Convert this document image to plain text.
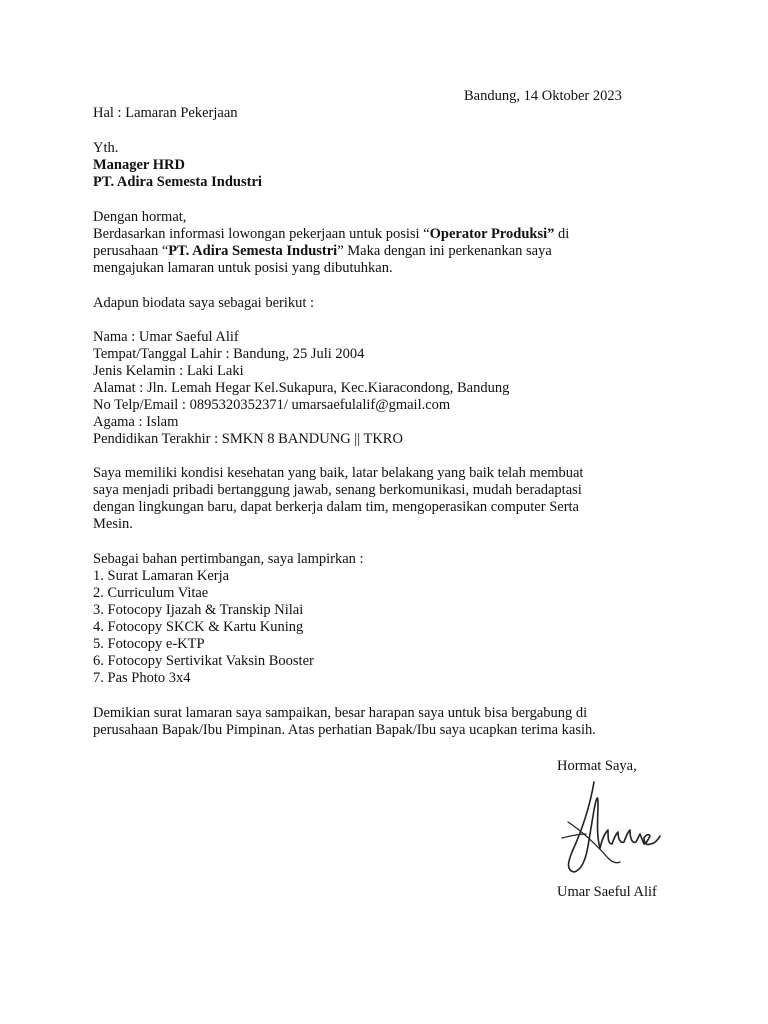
Bandung, 14 Oktober 2023
Hal : Lamaran Pekerjaan
Yth.
Manager HRD
PT. Adira Semesta Industri
Dengan hormat,
Berdasarkan informasi lowongan pekerjaan untuk posisi “Operator Produksi” di
perusahaan “PT. Adira Semesta Industri” Maka dengan ini perkenankan saya
mengajukan lamaran untuk posisi yang dibutuhkan.
Adapun biodata saya sebagai berikut :
Nama : Umar Saeful Alif
Tempat/Tanggal Lahir : Bandung, 25 Juli 2004
Jenis Kelamin : Laki Laki
Alamat : Jln. Lemah Hegar Kel.Sukapura, Kec.Kiaracondong, Bandung
No Telp/Email : 0895320352371/ umarsaefulalif@gmail.com
Agama : Islam
Pendidikan Terakhir : SMKN 8 BANDUNG || TKRO
Saya memiliki kondisi kesehatan yang baik, latar belakang yang baik telah membuat
saya menjadi pribadi bertanggung jawab, senang berkomunikasi, mudah beradaptasi
dengan lingkungan baru, dapat berkerja dalam tim, mengoperasikan computer Serta
Mesin.
Sebagai bahan pertimbangan, saya lampirkan :
1. Surat Lamaran Kerja
2. Curriculum Vitae
3. Fotocopy Ijazah & Transkip Nilai
4. Fotocopy SKCK & Kartu Kuning
5. Fotocopy e-KTP
6. Fotocopy Sertivikat Vaksin Booster
7. Pas Photo 3x4
Demikian surat lamaran saya sampaikan, besar harapan saya untuk bisa bergabung di
perusahaan Bapak/Ibu Pimpinan. Atas perhatian Bapak/Ibu saya ucapkan terima kasih.
Hormat Saya,
Umar Saeful Alif
